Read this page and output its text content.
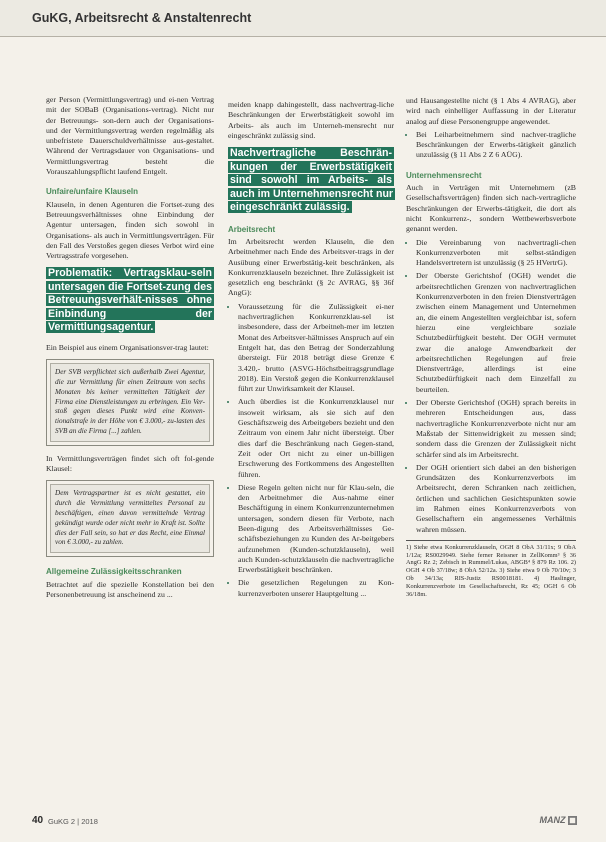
GuKG, Arbeitsrecht & Anstaltenrecht

ger Person (Vermittlungsvertrag) und ei-nen Vertrag mit der SOBaB (Organisations-vertrag). Nicht nur der Betreuungs- son-dern auch der Organisations- und der Vermittlungsvertrag werden regelmäßig als unbefristete Dauerschuldverhältnisse aus-gestaltet. Während der Vertragsdauer von Organisations- und Vermittlungsvertrag besteht die Vorauszahlungspflicht laufend Entgelt.

Unfaire/unfaire Klauseln

Klauseln, in denen Agenturen die Fortset-zung des Betreuungsverhältnisses ohne Einbindung der Agentur untersagen, finden sich sowohl in Organisations- als auch in Vermittlungsverträgen. Für den Fall des Verstoßes gegen dieses Verbot wird eine Vertragsstrafe vorgesehen.

Problematik: Vertragsklau-seln untersagen die Fortset-zung des Betreuungsverhält-nisses ohne Einbindung der Vermittlungsagentur.

Ein Beispiel aus einem Organisationsver-trag lautet:

Der SVB verpflichtet sich außerhalb Zwei Agentur, die zur Vermittlung für einen Zeitraum von sechs Monaten bis keiner vermittelten Tätigkeit der Firma eine Dienstleistungen zu erbringen. Ein Ver-stoß gegen dieses Punkt wird eine Konven-tionalstrafe in der Höhe von € 3.000,- zu-lasten des SVB an die Firma [...] zahlen.

In Vermittlungsverträgen findet sich oft fol-gende Klausel:

Dem Vertragspartner ist es nicht gestattet, ein durch die Vermittlung vermitteltes Personal zu beschäftigen, einen davon vermittelnde Vertrag gekündigt wurde oder nicht mehr in Kraft ist. Sollte dies der Fall sein, so hat er das Recht, eine Einmal von € 3.000,- zu zahlen.
Allgemeine Zulässigkeitsschranken

Betrachtet auf die spezielle Konstellation bei den Personenbetreuung ist anscheinend zu ...

meiden knapp dahingestellt, dass nachvertrag-liche Beschränkungen der Erwerbstätigkeit sowohl im Arbeits- als auch im Unterneh-mensrecht nur eingeschränkt zulässig sind.

Nachvertragliche Beschrän-kungen der Erwerbstätigkeit sind sowohl im Arbeits- als auch im Unternehmensrecht nur eingeschränkt zulässig.
Arbeitsrecht

Im Arbeitsrecht werden Klauseln, die den Arbeitnehmer nach Ende des Arbeitsver-trags in der Ausübung einer Erwerbstätig-keit beschränken, als Konkurrenzklauseln bezeichnet. Ihre Zulässigkeit ist gesetzlich eng beschränkt (§ 2c AVRAG, §§ 36f AngG):

• Voraussetzung für die Zulässigkeit ei-ner nachvertraglichen Konkurrenzklau-sel ist insbesondere, dass der Arbeitneh-mer im letzten Monat des Arbeitsver-hältnisses Anspruch auf ein Entgelt hat, das den Betrag der Sonderzahlung übersteigt. Für 2018 beträgt diese Grenze € 3.420,- brutto (ASVG-Höchstbeitragsgrundlage 2018). Ein Verstoß gegen die Konkurrenzklausel führt zur Unwirksamkeit der Klausel.
• Auch überdies ist die Konkurrenzklausel nur insoweit wirksam, als sie sich auf den Geschäftszweig des Arbeitgebers bezieht und den Zeitraum von einem Jahr nicht übersteigt. Über dies darf die Beschränkung nach Gegen-stand, Zeit oder Ort nicht zu einer un-billigen Erschwerung des Fortkommens des Angestellten führen.
• Diese Regeln gelten nicht nur für Klau-seln, die den Arbeitnehmer die Aus-nahme einer Beschäftigung in einem Konkurrenzunternehmen untersagen, sondern diesen für Verbote, nach Been-digung des Arbeitsverhältnisses Ge-schäftsbeziehungen zu Kunden des Ar-beitgebers aufzunehmen (Kunden-schutzklauseln), weil auch Kunden-schutzklauseln die nachvertragliche Erwerbstätigkeit beschränken.
• Die gesetzlichen Regelungen zu Kon-kurrenzverboten unserer Hauptgeltung ...

und Hausangestellte nicht (§ 1 Abs 4 AVRAG), aber wird nach einhelliger Auffassung in der Literatur analog auf diese Personengruppe angewendet.

• Bei Leiharbeitnehmern sind nachver-tragliche Beschränkungen der Erwerbs-tätigkeit gänzlich unzulässig (§ 11 Abs 2 Z 6 AÜG).
Unternehmensrecht

Auch in Verträgen mit Unternehmern (zB Gesellschaftsverträgen) finden sich nach-vertragliche Beschränkungen der Erwerbs-tätigkeit, die dort als nicht Konkurrenz-, sondern Wettbewerbsverbote genannt werden.

• Die Vereinbarung von nachvertragli-chen Konkurrenzverboten mit selbst-ständigen Handelsvertretern ist unzulässig (§ 25 HVertrG).
• Der Oberste Gerichtshof (OGH) wendet die arbeitsrechtlichen Grenzen von nachvertraglichen Konkurrenzverboten in den freien Dienstverträgen zwischen einem Management und Unternehmen an, die einem Angestellten vergleichbar ist, sofern hierzu eine vergleichbare soziale Schutzbedürftigkeit besteht. Der OGH vermutet zwar die analoge Anwendbarkeit der arbeitsrechtlichen Regelungen auf freie Dienstverträge, allerdings ist eine Schutzbedürftigkeit nach dem Einzelfall zu beurteilen.
• Der Oberste Gerichtshof (OGH) sprach bereits in mehreren Entscheidungen aus, dass nachvertragliche Konkurrenzverbote nicht nur am Maßstab der Sittenwidrigkeit zu messen sind; sondern dass die Grenzen der Zulässigkeit nicht schärfer sind als im Arbeitsrecht.
• Der OGH orientiert sich dabei an den bisherigen Grundsätzen des Konkurrenzverbots im Arbeitsrecht, deren Schranken nach zeitlichen, örtlichen und sachlichen Gesichtspunkten sowie im Rahmen eines Konkurrenzverbots von Gesellschaftern ein angemessenes Verhältnis wahren müssen.
1) Siehe etwa Konkurrenzklauseln, OGH 8 ObA 31/11x; 9 ObA 1/12a; RS0029949. Siehe ferner Reissner in ZellKomm³ § 36 AngG Rz 2; Zebisch in Rummel/Lukas, ABGB⁴ § 879 Rz 106. 2) OGH 4 Ob 37/18w; 8 ObA 52/12a. 3) Siehe etwa 9 Ob 70/10v; 3 Ob 34/13a; RIS-Justiz RS0018181. 4) Haslinger, Konkurrenzverbote im Gesellschaftsrecht, Rz 45; OGH 6 Ob 36/18m.
40 GuKG 2 | 2018	MANZ
